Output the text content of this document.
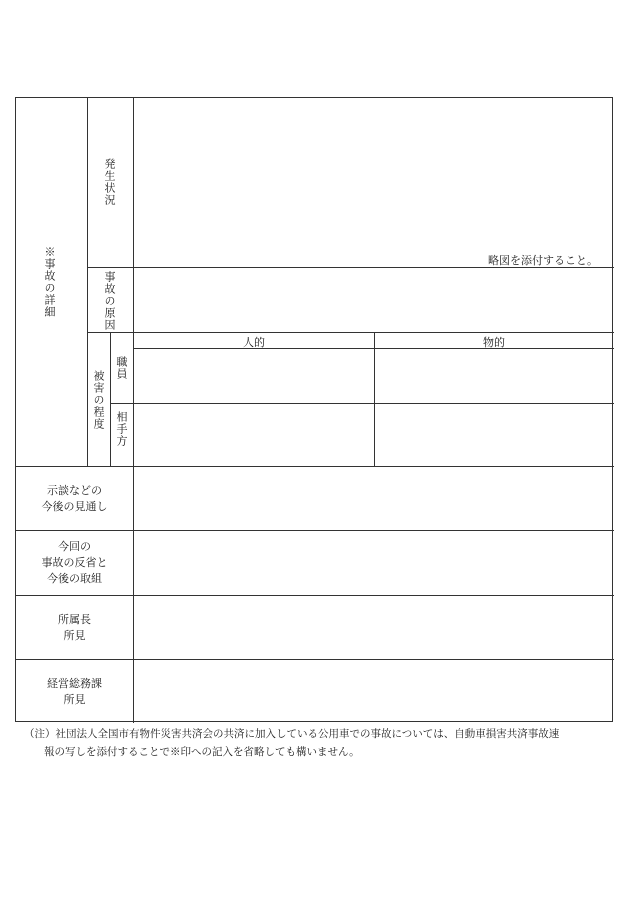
※事故の詳細
発生状況
略図を添付すること。
事故の原因
被害の程度
人的	物的
職員
相手方
示談などの
今後の見通し
今回の
事故の反省と
今後の取組
所属長
所見
経営総務課
所見
（注）社団法人全国市有物件災害共済会の共済に加入している公用車での事故については、自動車損害共済事故速
報の写しを添付することで※印への記入を省略しても構いません。
